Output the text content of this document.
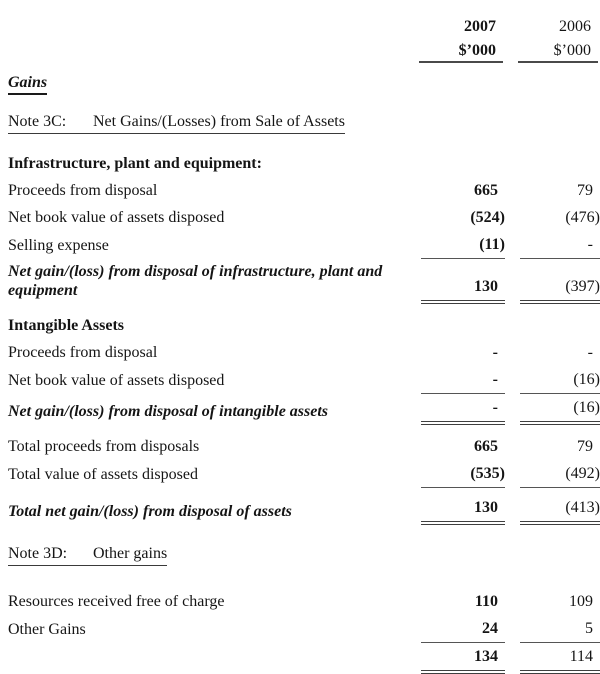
2007	2006
$’000	$’000
Gains
Note 3C: Net Gains/(Losses) from Sale of Assets
Infrastructure, plant and equipment:
Proceeds from disposal	665	79
Net book value of assets disposed	(524)	(476)
Selling expense	(11)	-
Net gain/(loss) from disposal of infrastructure, plant and equipment	130	(397)
Intangible Assets
Proceeds from disposal	-	-
Net book value of assets disposed	-	(16)
Net gain/(loss) from disposal of intangible assets	-	(16)
Total proceeds from disposals	665	79
Total value of assets disposed	(535)	(492)
Total net gain/(loss) from disposal of assets	130	(413)
Note 3D: Other gains
Resources received free of charge	110	109
Other Gains	24	5
134	114
